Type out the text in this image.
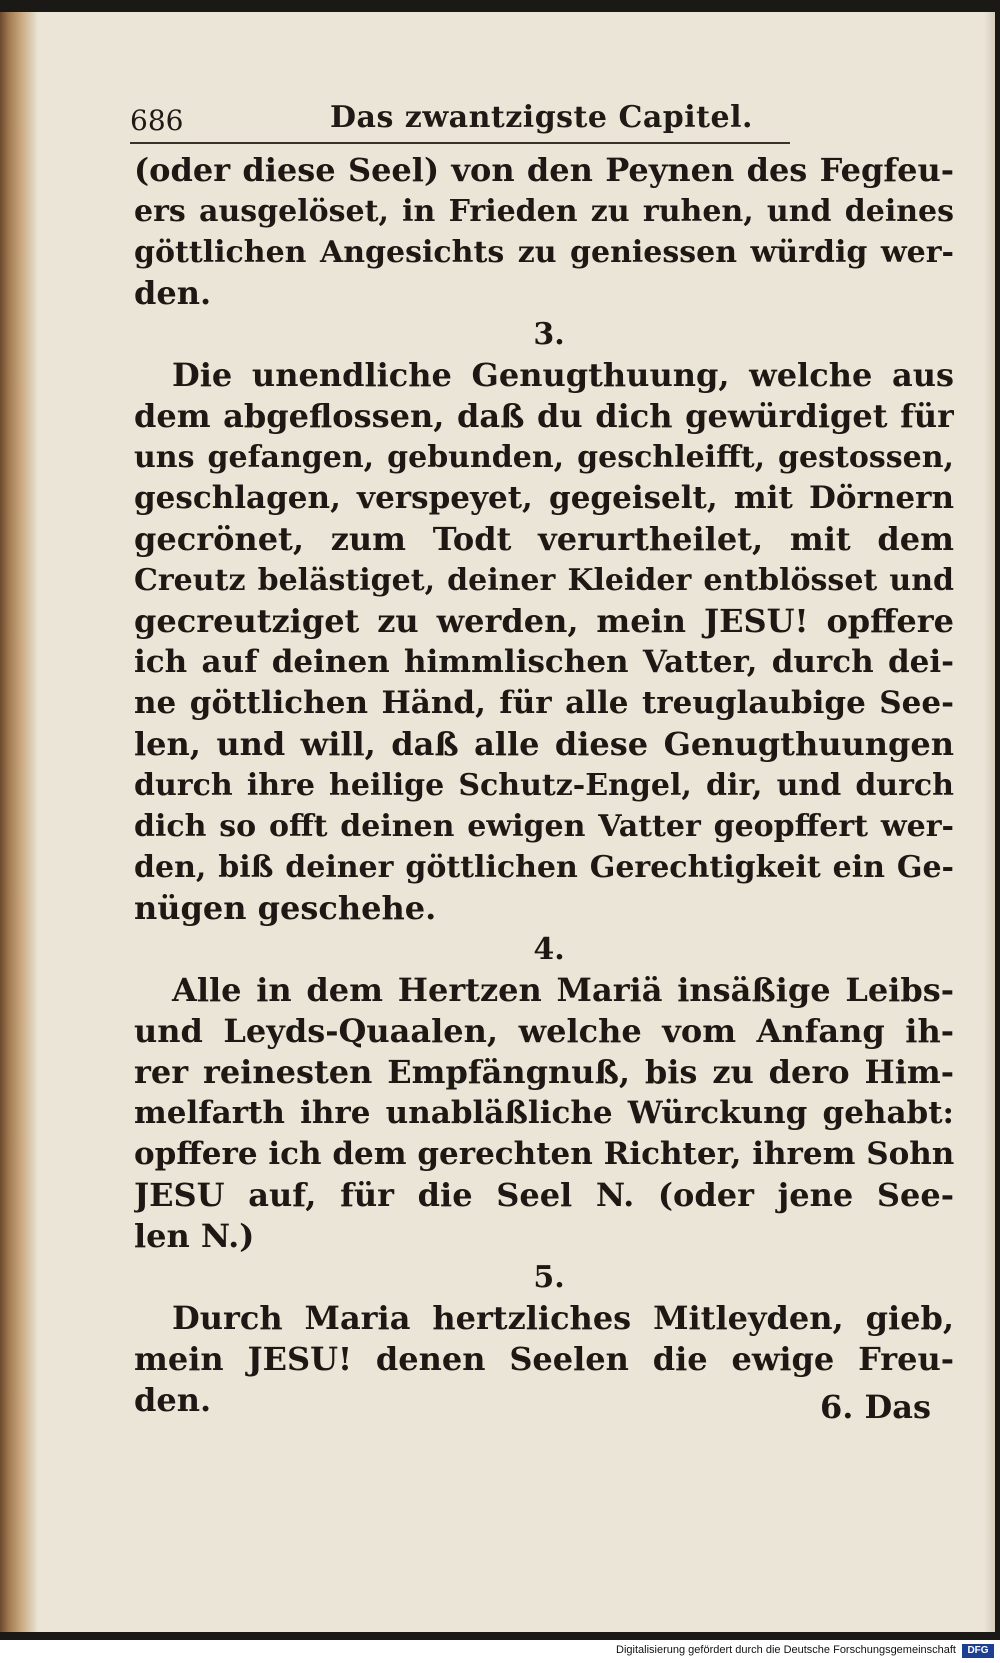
686	Das zwantzigste Capitel.
(oder diese Seel) von den Peynen des Fegfeu-
ers ausgelöset, in Frieden zu ruhen, und deines
göttlichen Angesichts zu geniessen würdig wer-
den.
3.
Die unendliche Genugthuung, welche aus
dem abgeflossen, daß du dich gewürdiget für
uns gefangen, gebunden, geschleifft, gestossen,
geschlagen, verspeyet, gegeiselt, mit Dörnern
gecrönet, zum Todt verurtheilet, mit dem
Creutz belästiget, deiner Kleider entblösset und
gecreutziget zu werden, mein JESU! opffere
ich auf deinen himmlischen Vatter, durch dei-
ne göttlichen Händ, für alle treuglaubige See-
len, und will, daß alle diese Genugthuungen
durch ihre heilige Schutz-Engel, dir, und durch
dich so offt deinen ewigen Vatter geopffert wer-
den, biß deiner göttlichen Gerechtigkeit ein Ge-
nügen geschehe.
4.
Alle in dem Hertzen Mariä insäßige Leibs-
und Leyds-Quaalen, welche vom Anfang ih-
rer reinesten Empfängnuß, bis zu dero Him-
melfarth ihre unabläßliche Würckung gehabt:
opffere ich dem gerechten Richter, ihrem Sohn
JESU auf, für die Seel N. (oder jene See-
len N.)
5.
Durch Maria hertzliches Mitleyden, gieb,
mein JESU! denen Seelen die ewige Freu-
den.	6. Das
Digitalisierung gefördert durch die Deutsche Forschungsgemeinschaft	DFG
